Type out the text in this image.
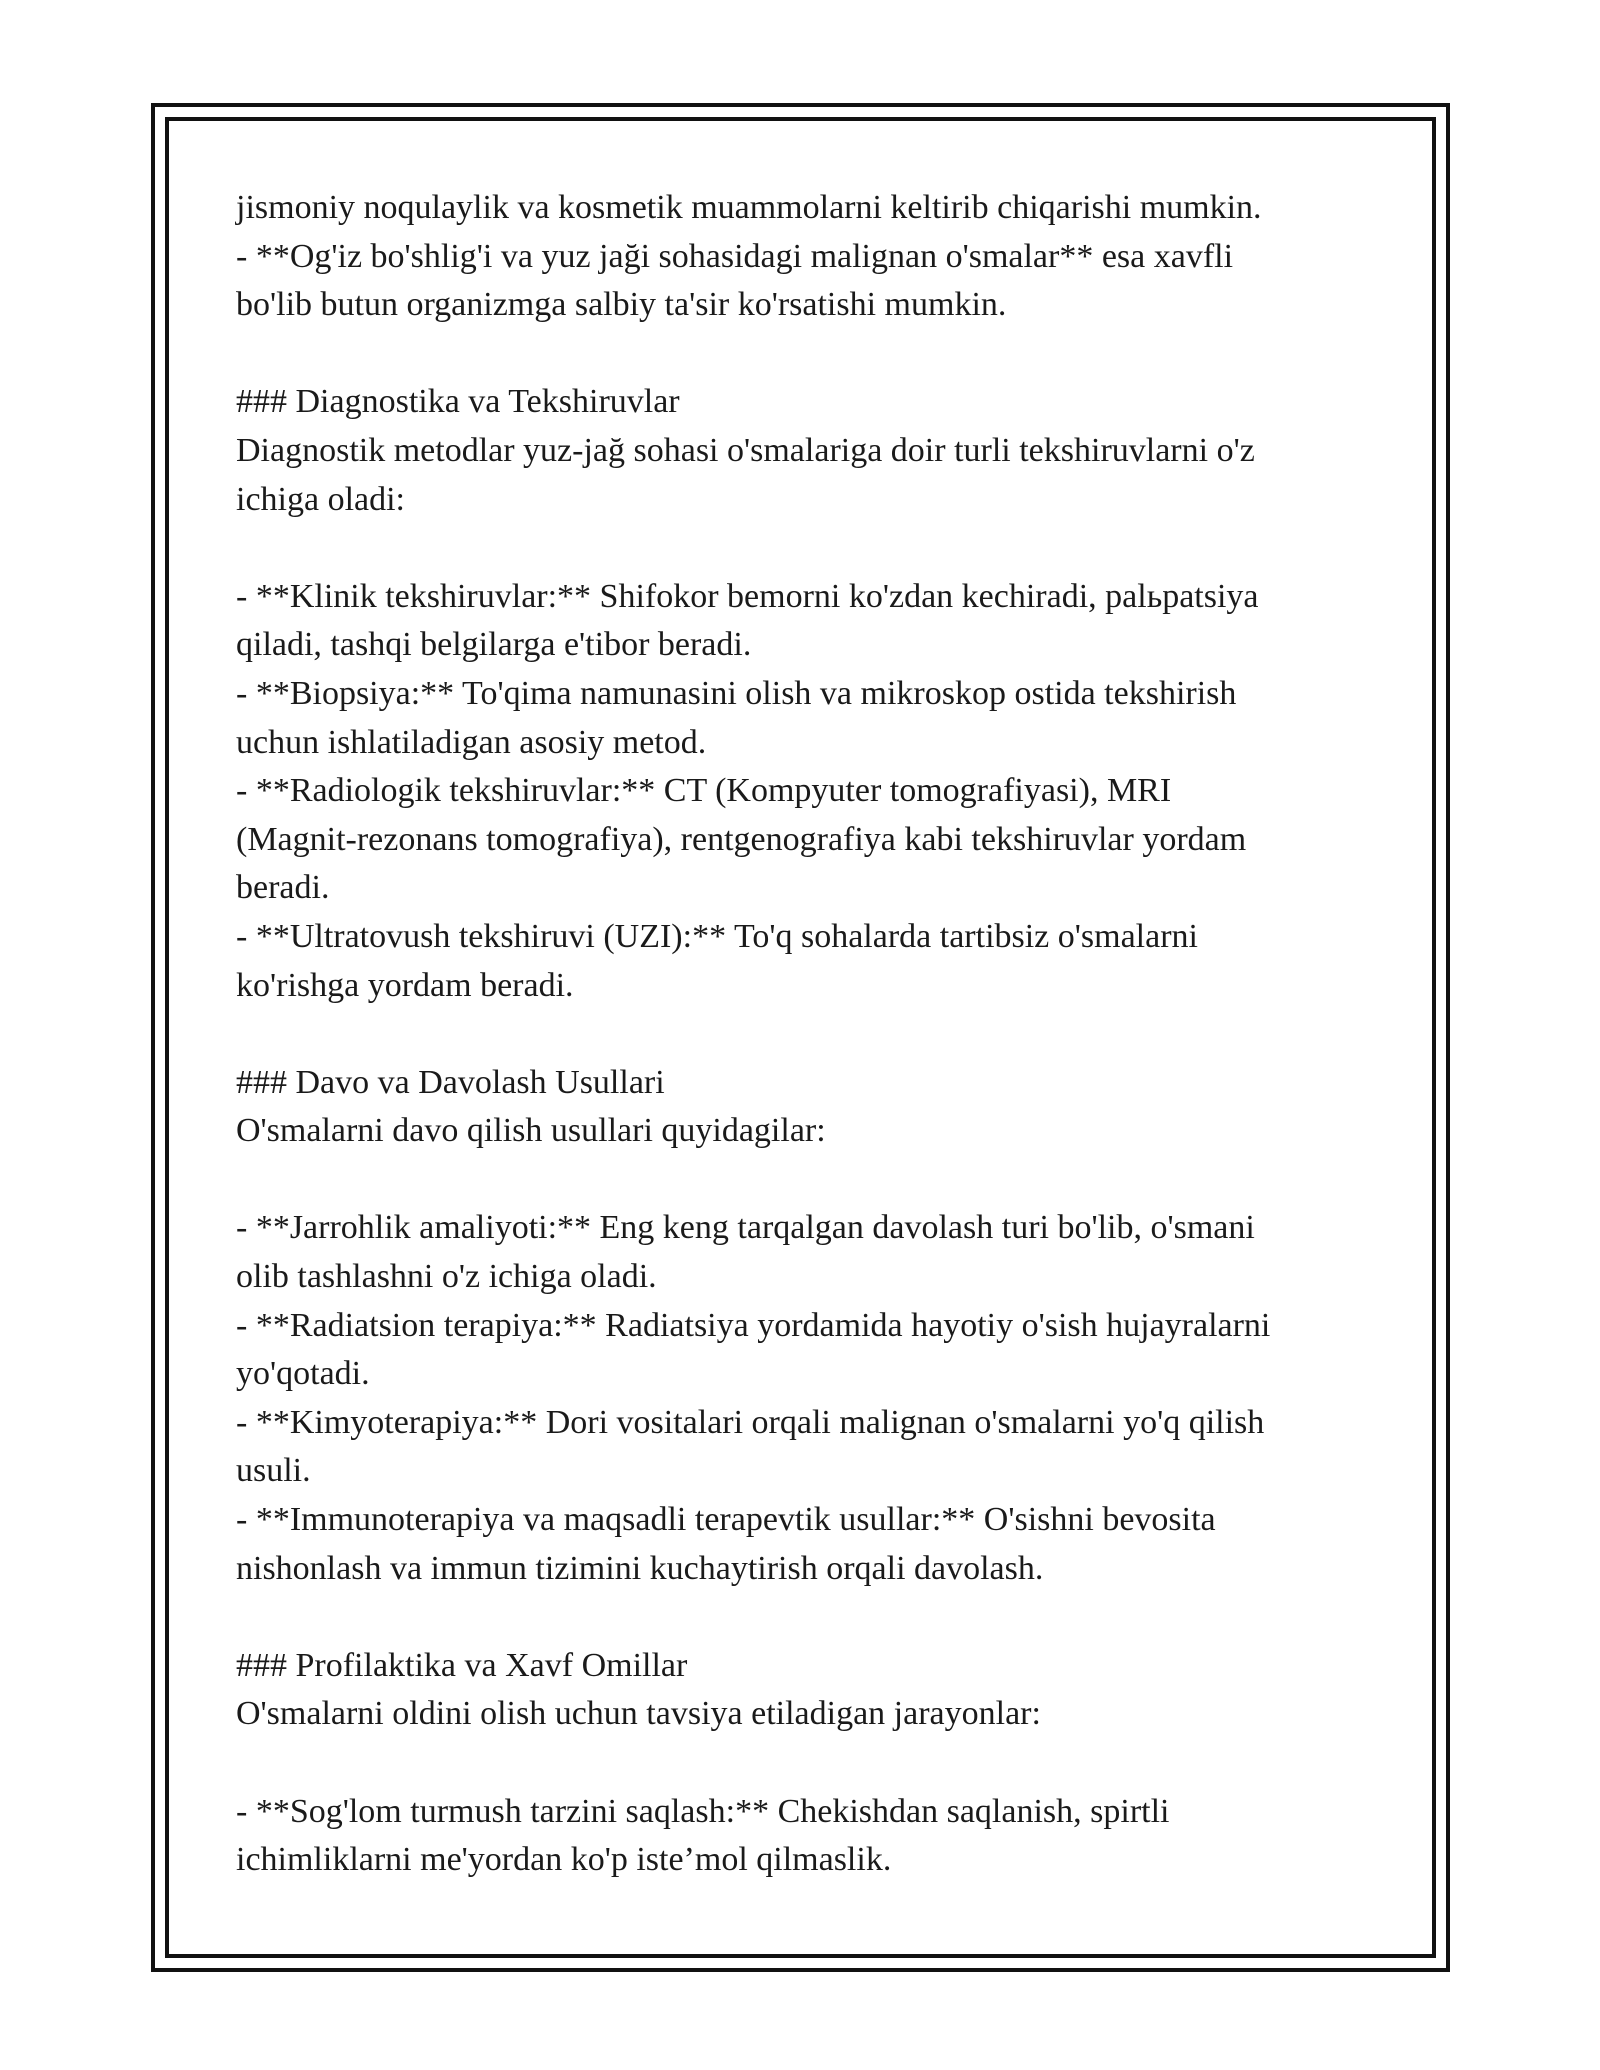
jismoniy noqulaylik va kosmetik muammolarni keltirib chiqarishi mumkin.
- **Og'iz bo'shlig'i va yuz jaği sohasidagi malignan o'smalar** esa xavfli
bo'lib butun organizmga salbiy ta'sir ko'rsatishi mumkin.
### Diagnostika va Tekshiruvlar
Diagnostik metodlar yuz-jağ sohasi o'smalariga doir turli tekshiruvlarni o'z
ichiga oladi:
- **Klinik tekshiruvlar:** Shifokor bemorni ko'zdan kechiradi, palьpatsiya
qiladi, tashqi belgilarga e'tibor beradi.
- **Biopsiya:** To'qima namunasini olish va mikroskop ostida tekshirish
uchun ishlatiladigan asosiy metod.
- **Radiologik tekshiruvlar:** CT (Kompyuter tomografiyasi), MRI
(Magnit-rezonans tomografiya), rentgenografiya kabi tekshiruvlar yordam
beradi.
- **Ultratovush tekshiruvi (UZI):** To'q sohalarda tartibsiz o'smalarni
ko'rishga yordam beradi.
### Davo va Davolash Usullari
O'smalarni davo qilish usullari quyidagilar:
- **Jarrohlik amaliyoti:** Eng keng tarqalgan davolash turi bo'lib, o'smani
olib tashlashni o'z ichiga oladi.
- **Radiatsion terapiya:** Radiatsiya yordamida hayotiy o'sish hujayralarni
yo'qotadi.
- **Kimyoterapiya:** Dori vositalari orqali malignan o'smalarni yo'q qilish
usuli.
- **Immunoterapiya va maqsadli terapevtik usullar:** O'sishni bevosita
nishonlash va immun tizimini kuchaytirish orqali davolash.
### Profilaktika va Xavf Omillar
O'smalarni oldini olish uchun tavsiya etiladigan jarayonlar:
- **Sog'lom turmush tarzini saqlash:** Chekishdan saqlanish, spirtli
ichimliklarni me'yordan ko'p iste’mol qilmaslik.
